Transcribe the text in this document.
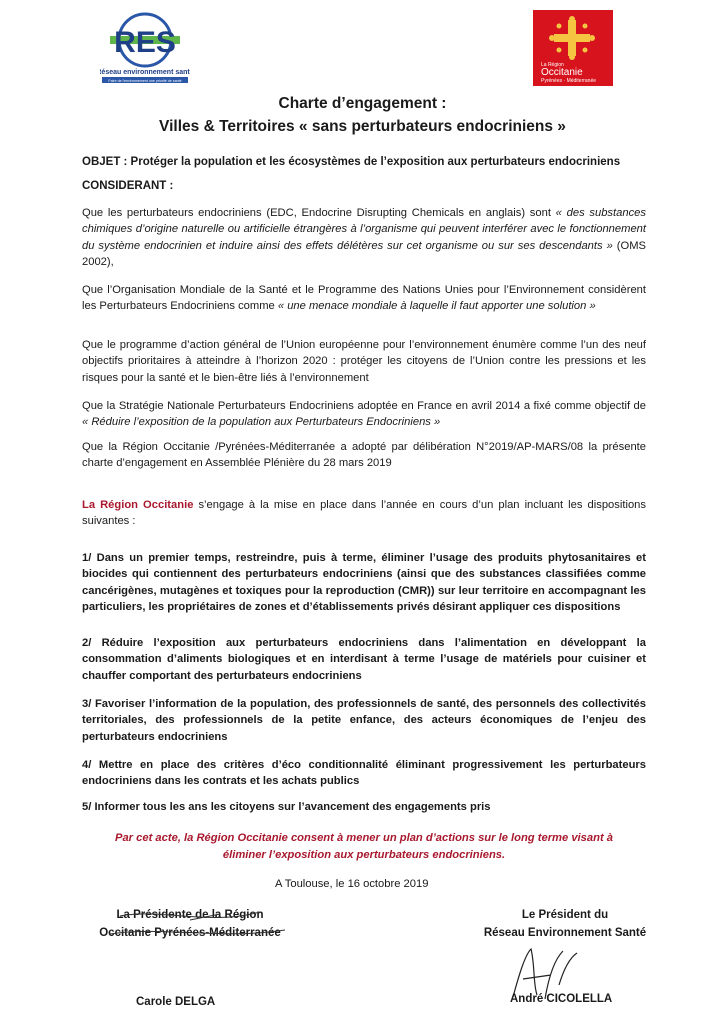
RES
Réseau environnement santé
Faire de l'environnement une priorité de santé
La Région
Occitanie
Pyrénées · Méditerranée
Charte d’engagement :
Villes & Territoires « sans perturbateurs endocriniens »
OBJET : Protéger la population et les écosystèmes de l’exposition aux perturbateurs endocriniens
CONSIDERANT :
Que les perturbateurs endocriniens (EDC, Endocrine Disrupting Chemicals en anglais) sont « des substances chimiques d’origine naturelle ou artificielle étrangères à l’organisme qui peuvent interférer avec le fonctionnement du système endocrinien et induire ainsi des effets délétères sur cet organisme ou sur ses descendants » (OMS 2002),
Que l’Organisation Mondiale de la Santé et le Programme des Nations Unies pour l’Environnement considèrent les Perturbateurs Endocriniens comme « une menace mondiale à laquelle il faut apporter une solution »
Que le programme d’action général de l’Union européenne pour l’environnement énumère comme l’un des neuf objectifs prioritaires à atteindre à l’horizon 2020 : protéger les citoyens de l’Union contre les pressions et les risques pour la santé et le bien-être liés à l’environnement
Que la Stratégie Nationale Perturbateurs Endocriniens adoptée en France en avril 2014 a fixé comme objectif de « Réduire l’exposition de la population aux Perturbateurs Endocriniens »
Que la Région Occitanie /Pyrénées-Méditerranée a adopté par délibération N°2019/AP-MARS/08 la présente charte d’engagement en Assemblée Plénière du 28 mars 2019
La Région Occitanie s’engage à la mise en place dans l’année en cours d’un plan incluant les dispositions suivantes :
1/ Dans un premier temps, restreindre, puis à terme, éliminer l’usage des produits phytosanitaires et biocides qui contiennent des perturbateurs endocriniens (ainsi que des substances classifiées comme cancérigènes, mutagènes et toxiques pour la reproduction (CMR)) sur leur territoire en accompagnant les particuliers, les propriétaires de zones et d’établissements privés désirant appliquer ces dispositions
2/ Réduire l’exposition aux perturbateurs endocriniens dans l’alimentation en développant la consommation d’aliments biologiques et en interdisant à terme l’usage de matériels pour cuisiner et chauffer comportant des perturbateurs endocriniens
3/ Favoriser l’information de la population, des professionnels de santé, des personnels des collectivités territoriales, des professionnels de la petite enfance, des acteurs économiques de l’enjeu des perturbateurs endocriniens
4/ Mettre en place des critères d’éco conditionnalité éliminant progressivement les perturbateurs endocriniens dans les contrats et les achats publics
5/ Informer tous les ans les citoyens sur l’avancement des engagements pris
Par cet acte, la Région Occitanie consent à mener un plan d’actions sur le long terme visant à
éliminer l’exposition aux perturbateurs endocriniens.
A Toulouse, le 16 octobre 2019
La Présidente de la Région
Occitanie Pyrénées-Méditerranée
Carole DELGA
Le Président du
Réseau Environnement Santé
André CICOLELLA
